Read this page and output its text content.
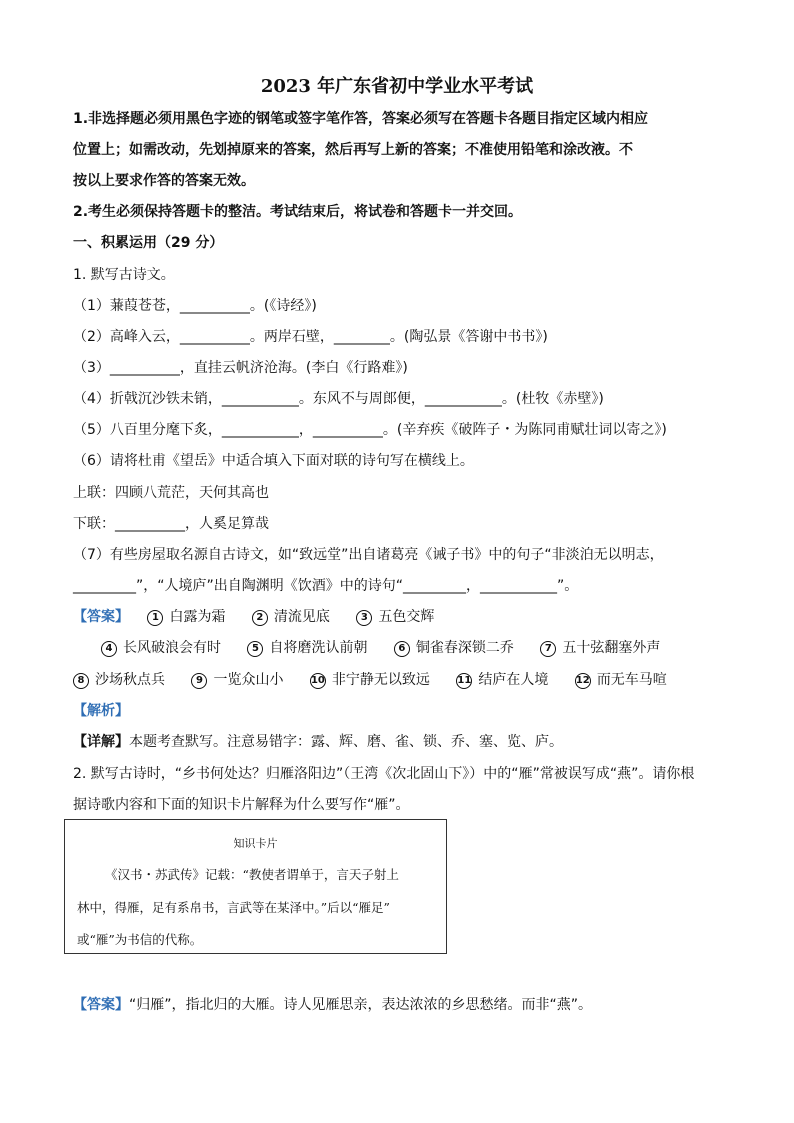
2023 年广东省初中学业水平考试
1.非选择题必须用黑色字迹的钢笔或签字笔作答，答案必须写在答题卡各题目指定区域内相应
位置上；如需改动，先划掉原来的答案，然后再写上新的答案；不准使用铅笔和涂改液。不
按以上要求作答的答案无效。
2.考生必须保持答题卡的整洁。考试结束后，将试卷和答题卡一并交回。
一、积累运用（29 分）
1. 默写古诗文。
（1）蒹葭苍苍，__________。(《诗经》)
（2）高峰入云，__________。两岸石壁，________。(陶弘景《答谢中书书》)
（3）__________，直挂云帆济沧海。(李白《行路难》)
（4）折戟沉沙铁未销，___________。东风不与周郎便，___________。(杜牧《赤壁》)
（5）八百里分麾下炙，___________，__________。(辛弃疾《破阵子・为陈同甫赋壮词以寄之》)
（6）请将杜甫《望岳》中适合填入下面对联的诗句写在横线上。
上联：四顾八荒茫，天何其高也
下联：__________，人奚足算哉
（7）有些房屋取名源自古诗文，如“致远堂”出自诸葛亮《诫子书》中的句子“非淡泊无以明志，
_________”，“人境庐”出自陶渊明《饮酒》中的诗句“_________，___________”。
【答案】 1 白露为霜	2 清流见底	3 五色交辉
4 长风破浪会有时	5 自将磨洗认前朝	6 铜雀春深锁二乔	7 五十弦翻塞外声
8 沙场秋点兵	9 一览众山小	10 非宁静无以致远	11 结庐在人境	12 而无车马喧
【解析】
【详解】本题考查默写。注意易错字：露、辉、磨、雀、锁、乔、塞、览、庐。
2. 默写古诗时，“乡书何处达？归雁洛阳边”（王湾《次北固山下》）中的“雁”常被误写成“燕”。请你根
据诗歌内容和下面的知识卡片解释为什么要写作“雁”。
知识卡片
《汉书・苏武传》记载：“教使者谓单于，言天子射上
林中，得雁，足有系帛书，言武等在某泽中。”后以“雁足”
或“雁”为书信的代称。
【答案】“归雁”，指北归的大雁。诗人见雁思亲，表达浓浓的乡思愁绪。而非“燕”。
